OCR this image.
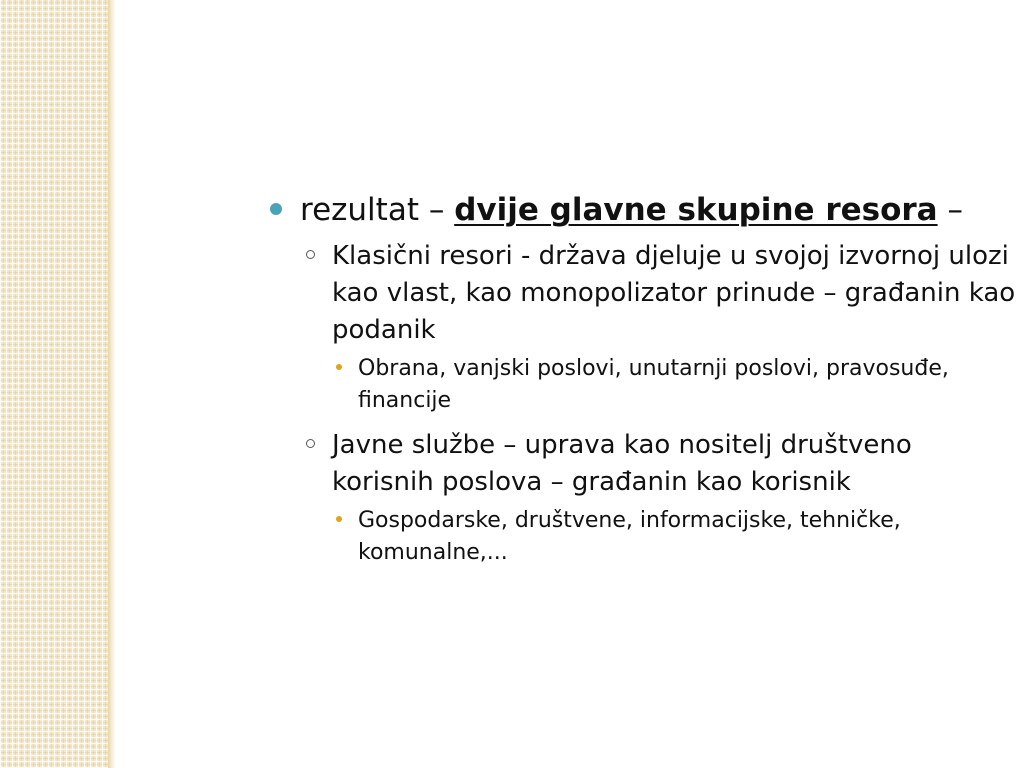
rezultat – dvije glavne skupine resora –
Klasični resori - država djeluje u svojoj izvornoj ulozi kao vlast, kao monopolizator prinude – građanin kao podanik
Obrana, vanjski poslovi, unutarnji poslovi, pravosuđe, financije
Javne službe – uprava kao nositelj društveno korisnih poslova – građanin kao korisnik
Gospodarske, društvene, informacijske, tehničke, komunalne,...
